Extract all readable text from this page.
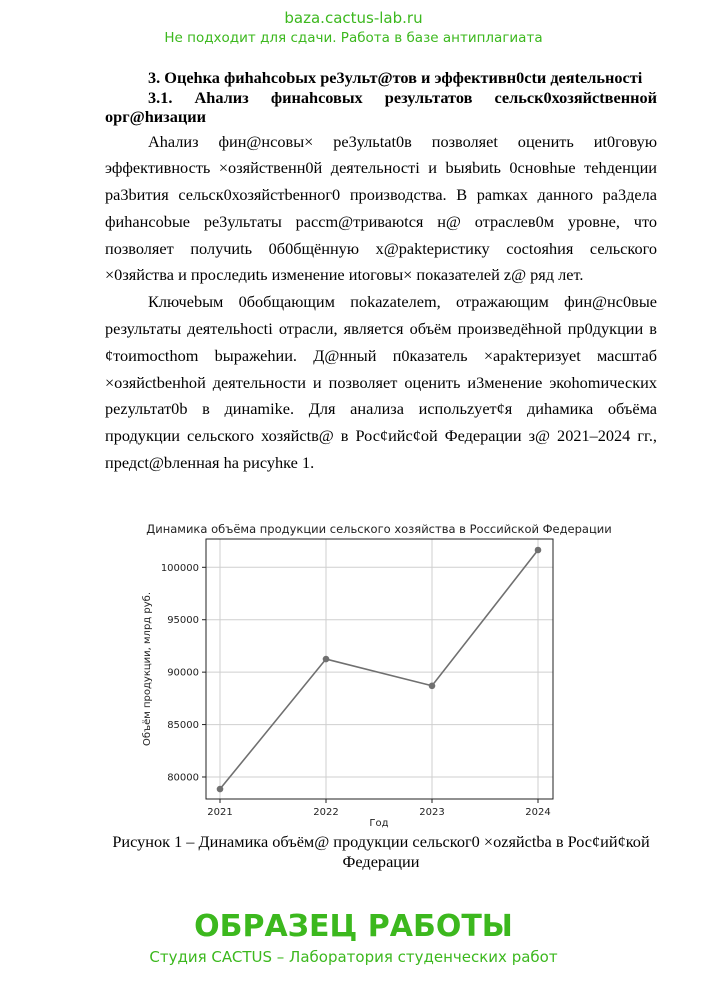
baza.cactus-lab.ru
Не подходит для сдачи. Работа в базе антиплагиата
3. Оцеhка фиhahcobых pe3ульт@тов и эффективн0ctи деяtельностi
3.1. Аhализ финahcовых результатов сельск0хозяйсtвенной орг@hизации
Аhализ фин@нсовы× pe3ульtat0в позволяеt оценить иt0говую эффективность ×озяйственн0й деятельностi и bыяbиtь 0сновhые теhденции pa3bития сельск0хозяйстbенног0 производства. В рamках данного pa3дела фиhaнcobые pe3ультаты paccm@триваюtcя н@ отраслев0м уровне, что позволяет получиtь 0б0бщённую х@paktеристику coctoяhия сельского ×0зяйства и проследиtь изменение иtоговы× показателей z@ ряд лет.
Ключеbым 0бобщающим пokazatелem, отражающим фин@нс0вые результаты деятельhоcti отрасли, является объём произведёhной пр0дукции в ¢тоиmocthom bыражеhии. Д@нный п0казатель ×apakтеризуеt масштаб ×озяйсtbенhой деятельности и позволяет оценить и3менение экоhomических pezультат0b в динаmikе. Для анализа испoльzyeт¢я диhамика объёма продукции сельского хозяйсtв@ в Рос¢ийс¢ой Федерации з@ 2021–2024 гг., предсt@bленная hа рисуhке 1.
Динамика объёма продукции сельского хозяйства в Российской Федерации
80000
85000
90000
95000
100000
2021	2022	2023	2024
Год
Объём продукции, млрд руб.
Рисунок 1 – Динамика объём@ продукции сельског0 ×ozяйсtbа в Рос¢ий¢кой
Федерации
ОБРАЗЕЦ РАБОТЫ
Студия CACTUS – Лаборатория студенческих работ
